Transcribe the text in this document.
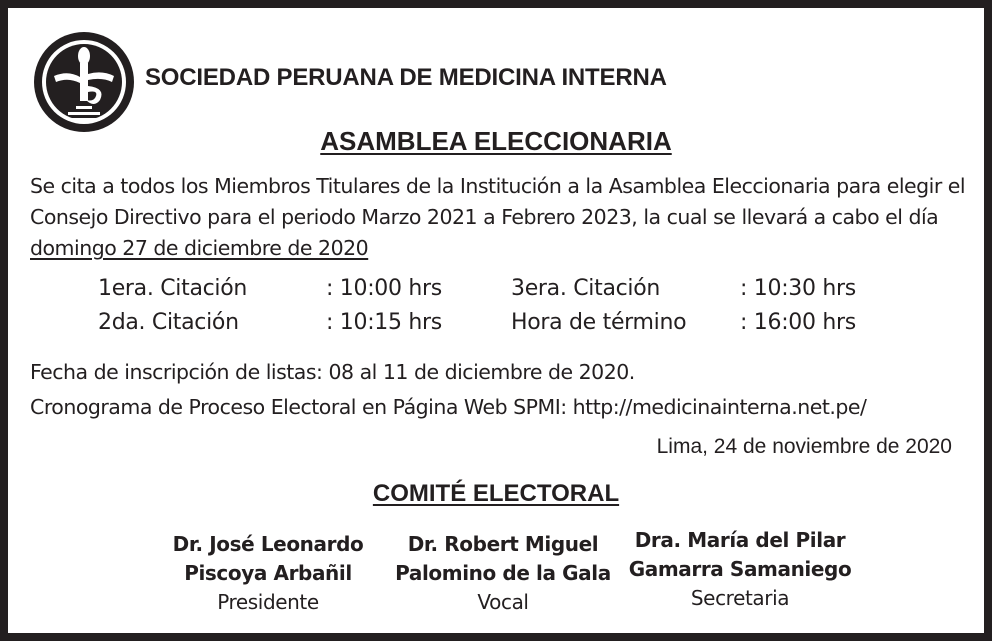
SOCIEDAD PERUANA DE MEDICINA INTERNA
ASAMBLEA ELECCIONARIA
Se cita a todos los Miembros Titulares de la Institución a la Asamblea Eleccionaria para elegir el Consejo Directivo para el periodo Marzo 2021 a Febrero 2023, la cual se llevará a cabo el día domingo 27 de diciembre de 2020
1era. Citación	: 10:00 hrs	3era. Citación	: 10:30 hrs
2da. Citación	: 10:15 hrs	Hora de término : 16:00 hrs
Fecha de inscripción de listas: 08 al 11 de diciembre de 2020.
Cronograma de Proceso Electoral en Página Web SPMI: http://medicinainterna.net.pe/
Lima, 24 de noviembre de 2020
COMITÉ ELECTORAL
Dr. José Leonardo
Piscoya Arbañil
Presidente
Dr. Robert Miguel
Palomino de la Gala
Vocal
Dra. María del Pilar
Gamarra Samaniego
Secretaria
